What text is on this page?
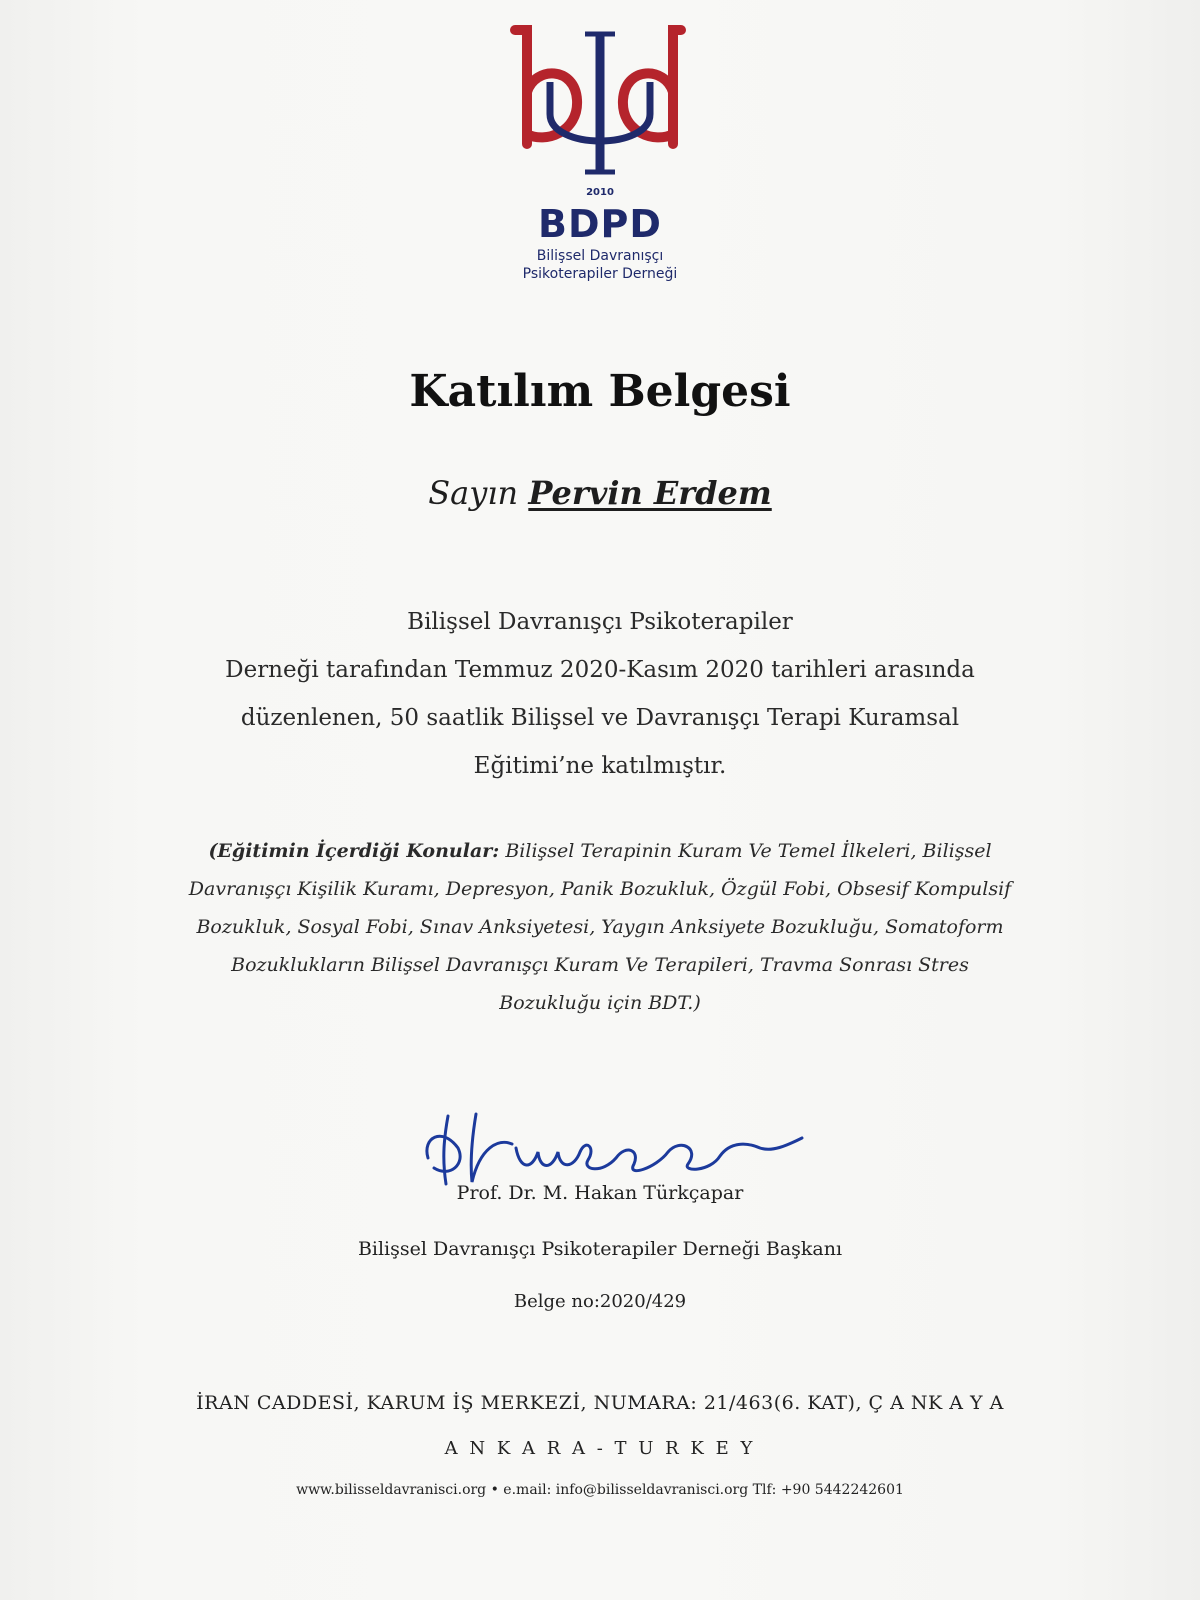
2010
BDPD
Bilişsel Davranışçı
Psikoterapiler Derneği
Katılım Belgesi
Sayın Pervin Erdem
Bilişsel Davranışçı Psikoterapiler
Derneği tarafından Temmuz 2020-Kasım 2020 tarihleri arasında
düzenlenen, 50 saatlik Bilişsel ve Davranışçı Terapi Kuramsal
Eğitimi’ne katılmıştır.
(Eğitimin İçerdiği Konular: Bilişsel Terapinin Kuram Ve Temel İlkeleri, Bilişsel
Davranışçı Kişilik Kuramı, Depresyon, Panik Bozukluk, Özgül Fobi, Obsesif Kompulsif
Bozukluk, Sosyal Fobi, Sınav Anksiyetesi, Yaygın Anksiyete Bozukluğu, Somatoform
Bozuklukların Bilişsel Davranışçı Kuram Ve Terapileri, Travma Sonrası Stres
Bozukluğu için BDT.)
Prof. Dr. M. Hakan Türkçapar
Bilişsel Davranışçı Psikoterapiler Derneği Başkanı
Belge no:2020/429
İRAN CADDESİ, KARUM İŞ MERKEZİ, NUMARA: 21/463(6. KAT), Ç A NK A Y A
A N K A R A - T U R K E Y
www.bilisseldavranisci.org • e.mail: info@bilisseldavranisci.org Tlf: +90 5442242601
